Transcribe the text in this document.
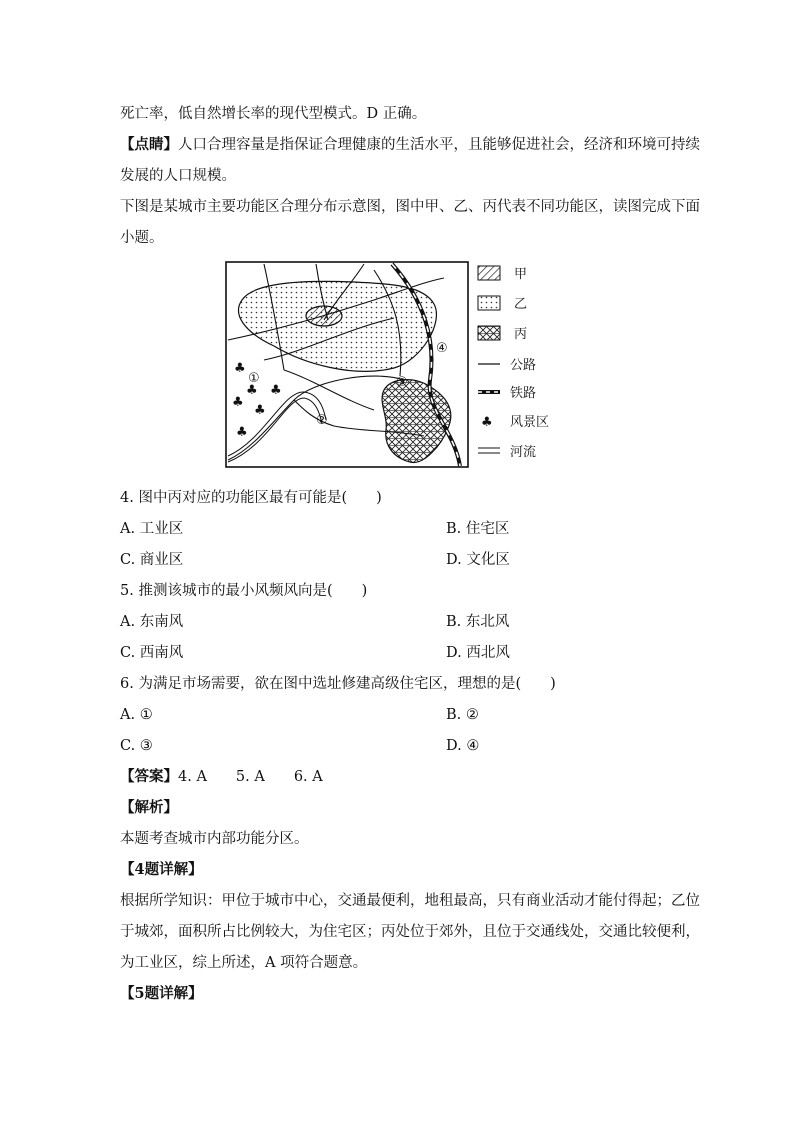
死亡率，低自然增长率的现代型模式。D 正确。
【点睛】人口合理容量是指保证合理健康的生活水平，且能够促进社会，经济和环境可持续
发展的人口规模。
下图是某城市主要功能区合理分布示意图，图中甲、乙、丙代表不同功能区，读图完成下面
小题。
♣
♣
♣
♣
♣
♣
①
②
③
④
甲
乙
丙
公路
铁路
♣ 风景区
河流
4. 图中丙对应的功能区最有可能是(　　)
A. 工业区	B. 住宅区
C. 商业区	D. 文化区
5. 推测该城市的最小风频风向是(　　)
A. 东南风	B. 东北风
C. 西南风	D. 西北风
6. 为满足市场需要，欲在图中选址修建高级住宅区，理想的是(　　)
A. ①	B. ②
C. ③	D. ④
【答案】4. A　　5. A　　6. A
【解析】
本题考查城市内部功能分区。
【4题详解】
根据所学知识：甲位于城市中心，交通最便利，地租最高，只有商业活动才能付得起；乙位
于城郊，面积所占比例较大，为住宅区；丙处位于郊外，且位于交通线处，交通比较便利，
为工业区，综上所述，A 项符合题意。
【5题详解】
